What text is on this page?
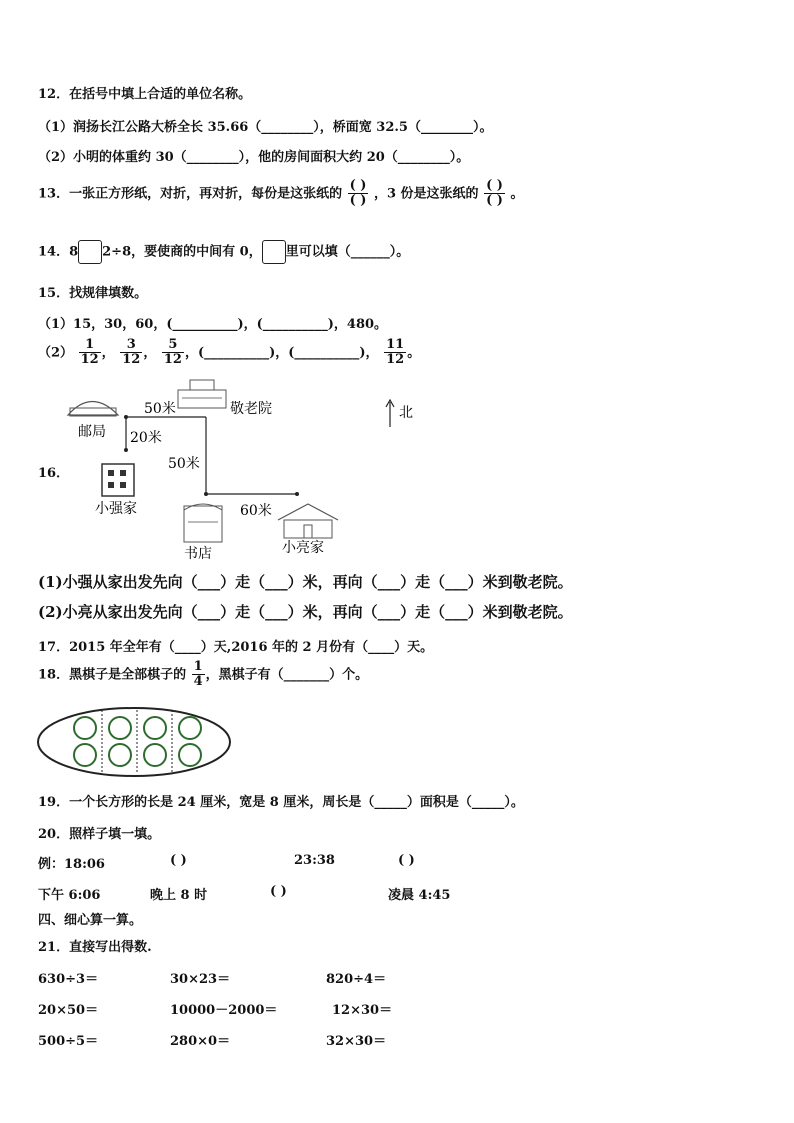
12．在括号中填上合适的单位名称。
（1）润扬长江公路大桥全长 35.66（________），桥面宽 32.5（________）。
（2）小明的体重约 30（________），他的房间面积大约 20（________）。
13．一张正方形纸，对折，再对折，每份是这张纸的 $\frac{( )}{( )}$ ，3 份是这张纸的 $\frac{( )}{( )}$ 。
14．8 2÷8，要使商的中间有 0， 里可以填（______）。
15．找规律填数。
（1）15，30，60，(__________)，(__________)，480。
$(2) \frac{1}{12}$ ， $\frac{3}{12}$ ， $\frac{5}{12}$ ，(__________)，(__________)， $\frac{11}{12}$ 。
16．
邮局
敬老院
50米
20米
50米
60米
小强家
书店	小亮家
北
(1)小强从家出发先向（___）走（___）米，再向（___）走（___）米到敬老院。
(2)小亮从家出发先向（___）走（___）米，再向（___）走（___）米到敬老院。
17．2015 年全年有（____）天,2016 年的 2 月份有（____）天。
18．黑棋子是全部棋子的 $\frac{1}{4}$ ，黑棋子有（_______）个。
19．一个长方形的长是 24 厘米，宽是 8 厘米，周长是（_____）面积是（_____）。
20．照样子填一填。
例：18:06	( )	23:38	( )
下午 6:06	晚上 8 时	( )	凌晨 4:45
四、细心算一算。
21．直接写出得数.
630÷3＝	30×23＝	820÷4＝
20×50＝	10000－2000＝	12×30＝
500÷5＝	280×0＝	32×30＝
